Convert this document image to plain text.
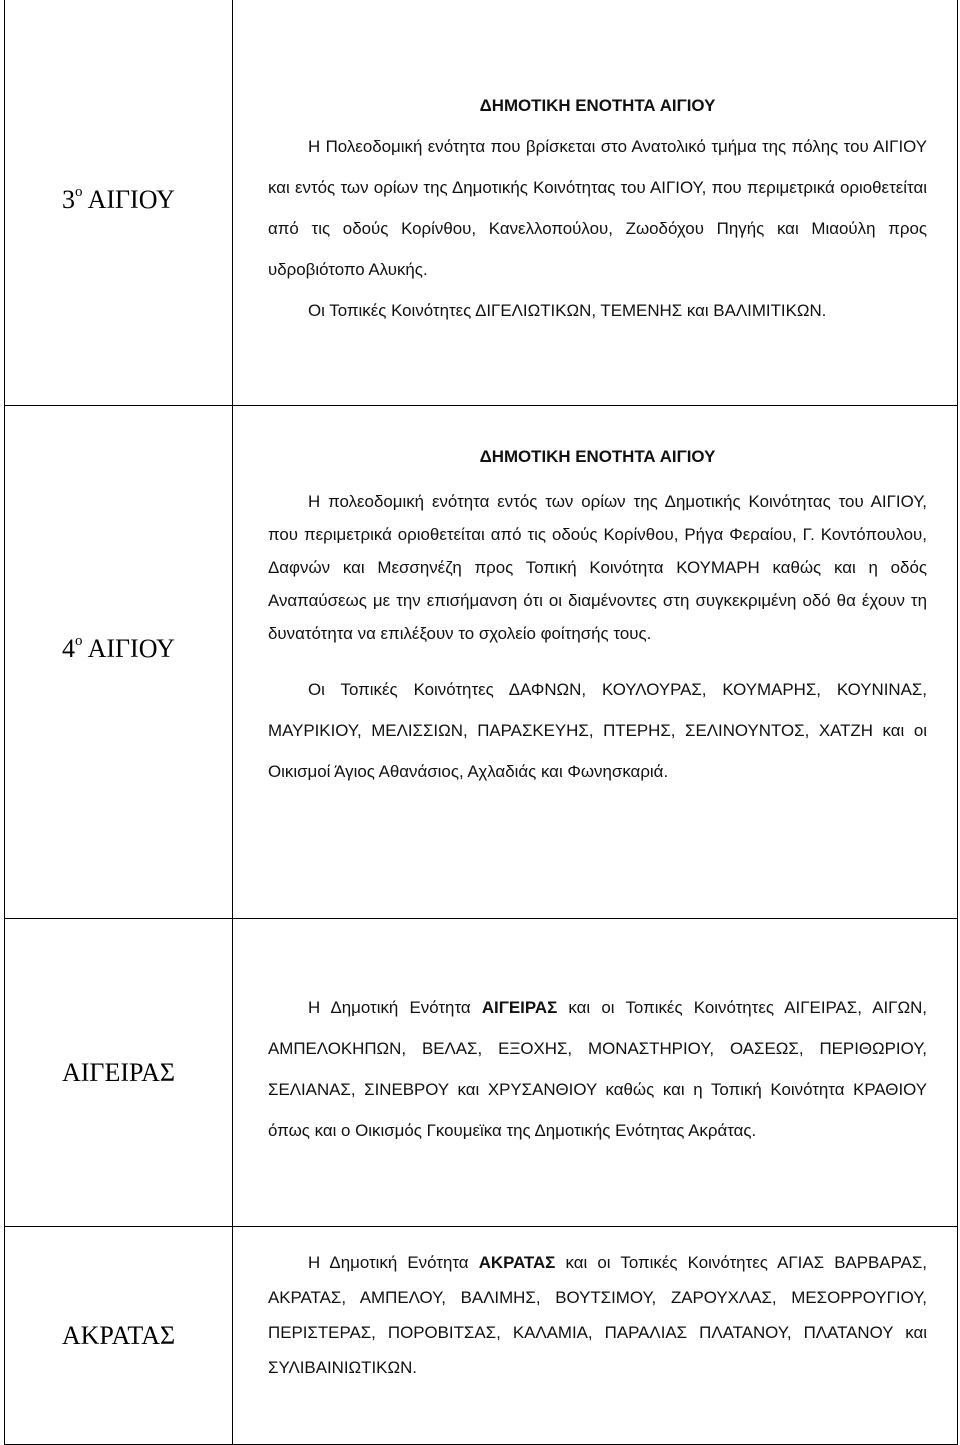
$3^o$ ΑΙΓΙΟΥ	ΔΗΜΟΤΙΚΗ ΕΝΟΤΗΤΑ ΑΙΓΙΟΥ

Η Πολεοδομική ενότητα που βρίσκεται στο Ανατολικό τμήμα της πόλης του ΑΙΓΙΟΥ και εντός των ορίων της Δημοτικής Κοινότητας του ΑΙΓΙΟΥ, που περιμετρικά οριοθετείται από τις οδούς Κορίνθου, Κανελλοπούλου, Ζωοδόχου Πηγής και Μιαούλη προς υδροβιότοπο Αλυκής.

Οι Τοπικές Κοινότητες ΔΙΓΕΛΙΩΤΙΚΩΝ, ΤΕΜΕΝΗΣ και ΒΑΛΙΜΙΤΙΚΩΝ.

$4^o$ ΑΙΓΙΟΥ	ΔΗΜΟΤΙΚΗ ΕΝΟΤΗΤΑ ΑΙΓΙΟΥ

Η πολεοδομική ενότητα εντός των ορίων της Δημοτικής Κοινότητας του ΑΙΓΙΟΥ, που περιμετρικά οριοθετείται από τις οδούς Κορίνθου, Ρήγα Φεραίου, Γ. Κοντόπουλου, Δαφνών και Μεσσηνέζη προς Τοπική Κοινότητα ΚΟΥΜΑΡΗ καθώς και η οδός Αναπαύσεως με την επισήμανση ότι οι διαμένοντες στη συγκεκριμένη οδό θα έχουν τη δυνατότητα να επιλέξουν το σχολείο φοίτησής τους.

Οι Τοπικές Κοινότητες ΔΑΦΝΩΝ, ΚΟΥΛΟΥΡΑΣ, ΚΟΥΜΑΡΗΣ, ΚΟΥΝΙΝΑΣ, ΜΑΥΡΙΚΙΟΥ, ΜΕΛΙΣΣΙΩΝ, ΠΑΡΑΣΚΕΥΗΣ, ΠΤΕΡΗΣ, ΣΕΛΙΝΟΥΝΤΟΣ, ΧΑΤΖΗ και οι Οικισμοί Άγιος Αθανάσιος, Αχλαδιάς και Φωνησκαριά.

ΑΙΓΕΙΡΑΣ	Η Δημοτική Ενότητα ΑΙΓΕΙΡΑΣ και οι Τοπικές Κοινότητες ΑΙΓΕΙΡΑΣ, ΑΙΓΩΝ, ΑΜΠΕΛΟΚΗΠΩΝ, ΒΕΛΑΣ, ΕΞΟΧΗΣ, ΜΟΝΑΣΤΗΡΙΟΥ, ΟΑΣΕΩΣ, ΠΕΡΙΘΩΡΙΟΥ, ΣΕΛΙΑΝΑΣ, ΣΙΝΕΒΡΟΥ και ΧΡΥΣΑΝΘΙΟΥ καθώς και η Τοπική Κοινότητα ΚΡΑΘΙΟΥ όπως και ο Οικισμός Γκουμεϊκα της Δημοτικής Ενότητας Ακράτας.

ΑΚΡΑΤΑΣ	Η Δημοτική Ενότητα ΑΚΡΑΤΑΣ και οι Τοπικές Κοινότητες ΑΓΙΑΣ ΒΑΡΒΑΡΑΣ, ΑΚΡΑΤΑΣ, ΑΜΠΕΛΟΥ, ΒΑΛΙΜΗΣ, ΒΟΥΤΣΙΜΟΥ, ΖΑΡΟΥΧΛΑΣ, ΜΕΣΟΡΡΟΥΓΙΟΥ, ΠΕΡΙΣΤΕΡΑΣ, ΠΟΡΟΒΙΤΣΑΣ, ΚΑΛΑΜΙΑ, ΠΑΡΑΛΙΑΣ ΠΛΑΤΑΝΟΥ, ΠΛΑΤΑΝΟΥ και ΣΥΛΙΒΑΙΝΙΩΤΙΚΩΝ.
